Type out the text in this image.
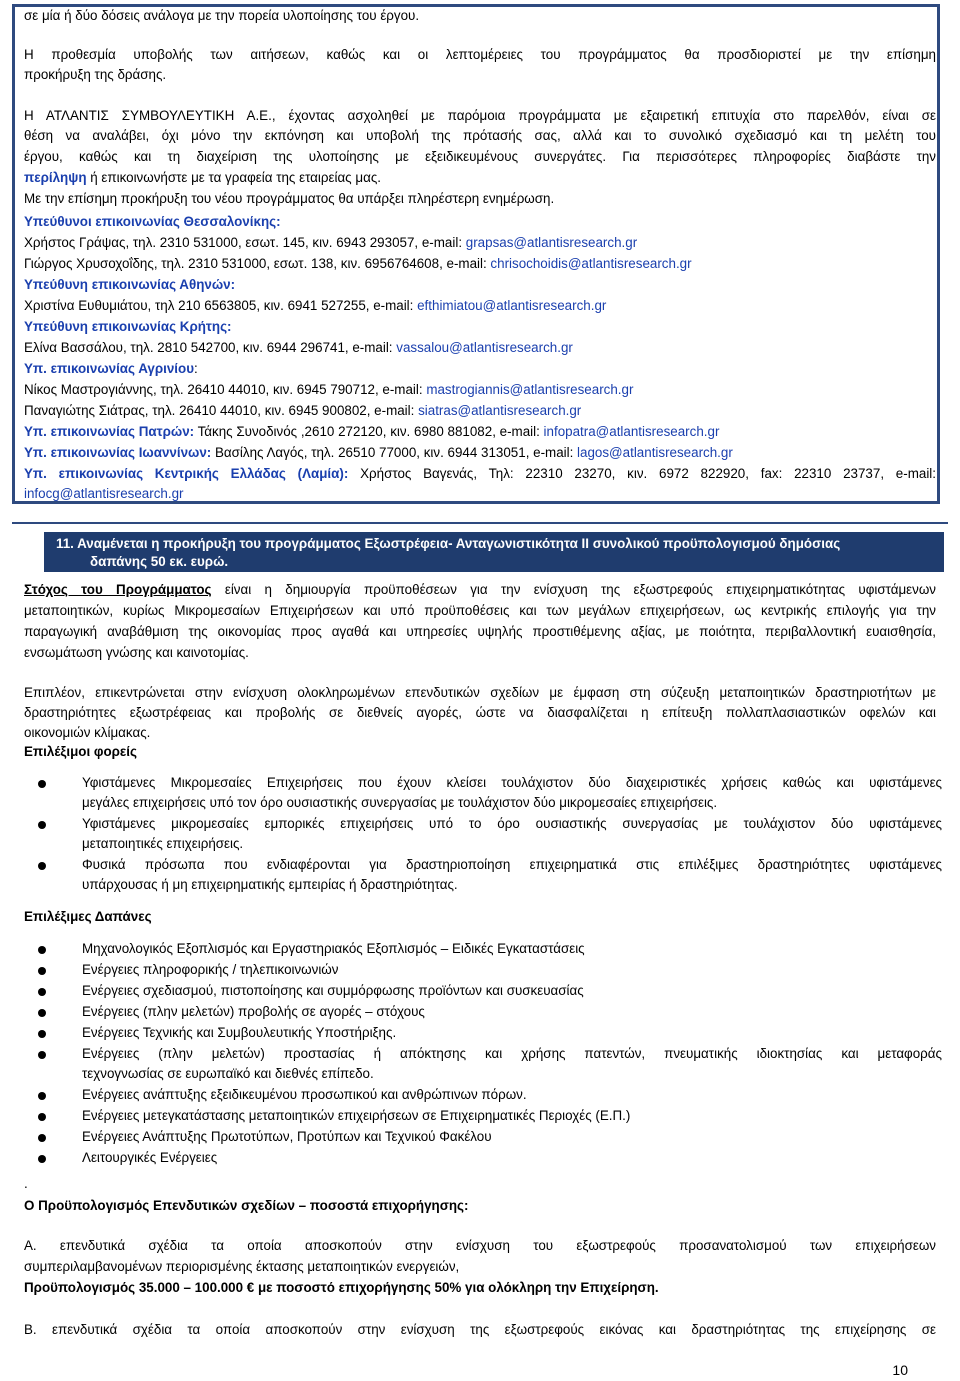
σε μία ή δύο δόσεις ανάλογα με την πορεία υλοποίησης του έργου.
Η προθεσμία υποβολής των αιτήσεων, καθώς και οι λεπτομέρειες του προγράμματος θα προσδιοριστεί με την επίσημη
προκήρυξη της δράσης.
Η ΑΤΛΑΝΤΙΣ ΣΥΜΒΟΥΛΕΥΤΙΚΗ Α.Ε., έχοντας ασχοληθεί με παρόμοια προγράμματα με εξαιρετική επιτυχία στο παρελθόν, είναι σε
θέση να αναλάβει, όχι μόνο την εκπόνηση και υποβολή της πρότασής σας, αλλά και το συνολικό σχεδιασμό και τη μελέτη του
έργου, καθώς και τη διαχείριση της υλοποίησης με εξειδικευμένους συνεργάτες. Για περισσότερες πληροφορίες διαβάστε την
περίληψη ή επικοινωνήστε με τα γραφεία της εταιρείας μας.
Με την επίσημη προκήρυξη του νέου προγράμματος θα υπάρξει πληρέστερη ενημέρωση.
Υπεύθυνοι επικοινωνίας Θεσσαλονίκης:
Χρήστος Γράψας, τηλ. 2310 531000, εσωτ. 145, κιν. 6943 293057, e-mail: grapsas@atlantisresearch.gr
Γιώργος Χρυσοχοΐδης, τηλ. 2310 531000, εσωτ. 138, κιν. 6956764608, e-mail: chrisochoidis@atlantisresearch.gr
Υπεύθυνη επικοινωνίας Αθηνών:
Χριστίνα Ευθυμιάτου, τηλ 210 6563805, κιν. 6941 527255, e-mail: efthimiatou@atlantisresearch.gr
Υπεύθυνη επικοινωνίας Κρήτης:
Ελίνα Βασσάλου, τηλ. 2810 542700, κιν. 6944 296741, e-mail: vassalou@atlantisresearch.gr
Υπ. επικοινωνίας Αγρινίου:
Νίκος Μαστρογιάννης, τηλ. 26410 44010, κιν. 6945 790712, e-mail: mastrogiannis@atlantisresearch.gr
Παναγιώτης Σιάτρας, τηλ. 26410 44010, κιν. 6945 900802, e-mail: siatras@atlantisresearch.gr
Υπ. επικοινωνίας Πατρών: Τάκης Συνοδινός ,2610 272120, κιν. 6980 881082, e-mail: infopatra@atlantisresearch.gr
Υπ. επικοινωνίας Ιωαννίνων: Βασίλης Λαγός, τηλ. 26510 77000, κιν. 6944 313051, e-mail: lagos@atlantisresearch.gr
Υπ. επικοινωνίας Κεντρικής Ελλάδας (Λαμία): Χρήστος Βαγενάς, Τηλ: 22310 23270, κιν. 6972 822920, fax: 22310 23737, e-mail:
infocg@atlantisresearch.gr
11. Αναμένεται η προκήρυξη του προγράμματος Εξωστρέφεια- Ανταγωνιστικότητα ΙΙ συνολικού προϋπολογισμού δημόσιας
δαπάνης 50 εκ. ευρώ.
Στόχος του Προγράμματος είναι η δημιουργία προϋποθέσεων για την ενίσχυση της εξωστρεφούς επιχειρηματικότητας υφιστάμενων
μεταποιητικών, κυρίως Μικρομεσαίων Επιχειρήσεων και υπό προϋποθέσεις και των μεγάλων επιχειρήσεων, ως κεντρικής επιλογής για την
παραγωγική αναβάθμιση της οικονομίας προς αγαθά και υπηρεσίες υψηλής προστιθέμενης αξίας, με ποιότητα, περιβαλλοντική ευαισθησία,
ενσωμάτωση γνώσης και καινοτομίας.
Επιπλέον, επικεντρώνεται στην ενίσχυση ολοκληρωμένων επενδυτικών σχεδίων με έμφαση στη σύζευξη μεταποιητικών δραστηριοτήτων με
δραστηριότητες εξωστρέφειας και προβολής σε διεθνείς αγορές, ώστε να διασφαλίζεται η επίτευξη πολλαπλασιαστικών οφελών και
οικονομιών κλίμακας.
Επιλέξιμοι φορείς
Υφιστάμενες Μικρομεσαίες Επιχειρήσεις που έχουν κλείσει τουλάχιστον δύο διαχειριστικές χρήσεις καθώς και υφιστάμενες
μεγάλες επιχειρήσεις υπό τον όρο ουσιαστικής συνεργασίας με τουλάχιστον δύο μικρομεσαίες επιχειρήσεις.
Υφιστάμενες μικρομεσαίες εμπορικές επιχειρήσεις υπό το όρο ουσιαστικής συνεργασίας με τουλάχιστον δύο υφιστάμενες
μεταποιητικές επιχειρήσεις.
Φυσικά πρόσωπα που ενδιαφέρονται για δραστηριοποίηση επιχειρηματικά στις επιλέξιμες δραστηριότητες υφιστάμενες
υπάρχουσας ή μη επιχειρηματικής εμπειρίας ή δραστηριότητας.
Επιλέξιμες Δαπάνες
Μηχανολογικός Εξοπλισμός και Εργαστηριακός Εξοπλισμός – Ειδικές Εγκαταστάσεις
Ενέργειες πληροφορικής / τηλεπικοινωνιών
Ενέργειες σχεδιασμού, πιστοποίησης και συμμόρφωσης προϊόντων και συσκευασίας
Ενέργειες (πλην μελετών) προβολής σε αγορές – στόχους
Ενέργειες Τεχνικής και Συμβουλευτικής Υποστήριξης.
Ενέργειες (πλην μελετών) προστασίας ή απόκτησης και χρήσης πατεντών, πνευματικής ιδιοκτησίας και μεταφοράς
τεχνογνωσίας σε ευρωπαϊκό και διεθνές επίπεδο.
Ενέργειες ανάπτυξης εξειδικευμένου προσωπικού και ανθρώπινων πόρων.
Ενέργειες μετεγκατάστασης μεταποιητικών επιχειρήσεων σε Επιχειρηματικές Περιοχές (Ε.Π.)
Ενέργειες Ανάπτυξης Πρωτοτύπων, Προτύπων και Τεχνικού Φακέλου
Λειτουργικές Ενέργειες
.
Ο Προϋπολογισμός Επενδυτικών σχεδίων – ποσοστά επιχορήγησης:
Α. επενδυτικά σχέδια τα οποία αποσκοπούν στην ενίσχυση του εξωστρεφούς προσανατολισμού των επιχειρήσεων
συμπεριλαμβανομένων περιορισμένης έκτασης μεταποιητικών ενεργειών,
Προϋπολογισμός 35.000 – 100.000 € με ποσοστό επιχορήγησης 50% για ολόκληρη την Επιχείρηση.
Β. επενδυτικά σχέδια τα οποία αποσκοπούν στην ενίσχυση της εξωστρεφούς εικόνας και δραστηριότητας της επιχείρησης σε
10
